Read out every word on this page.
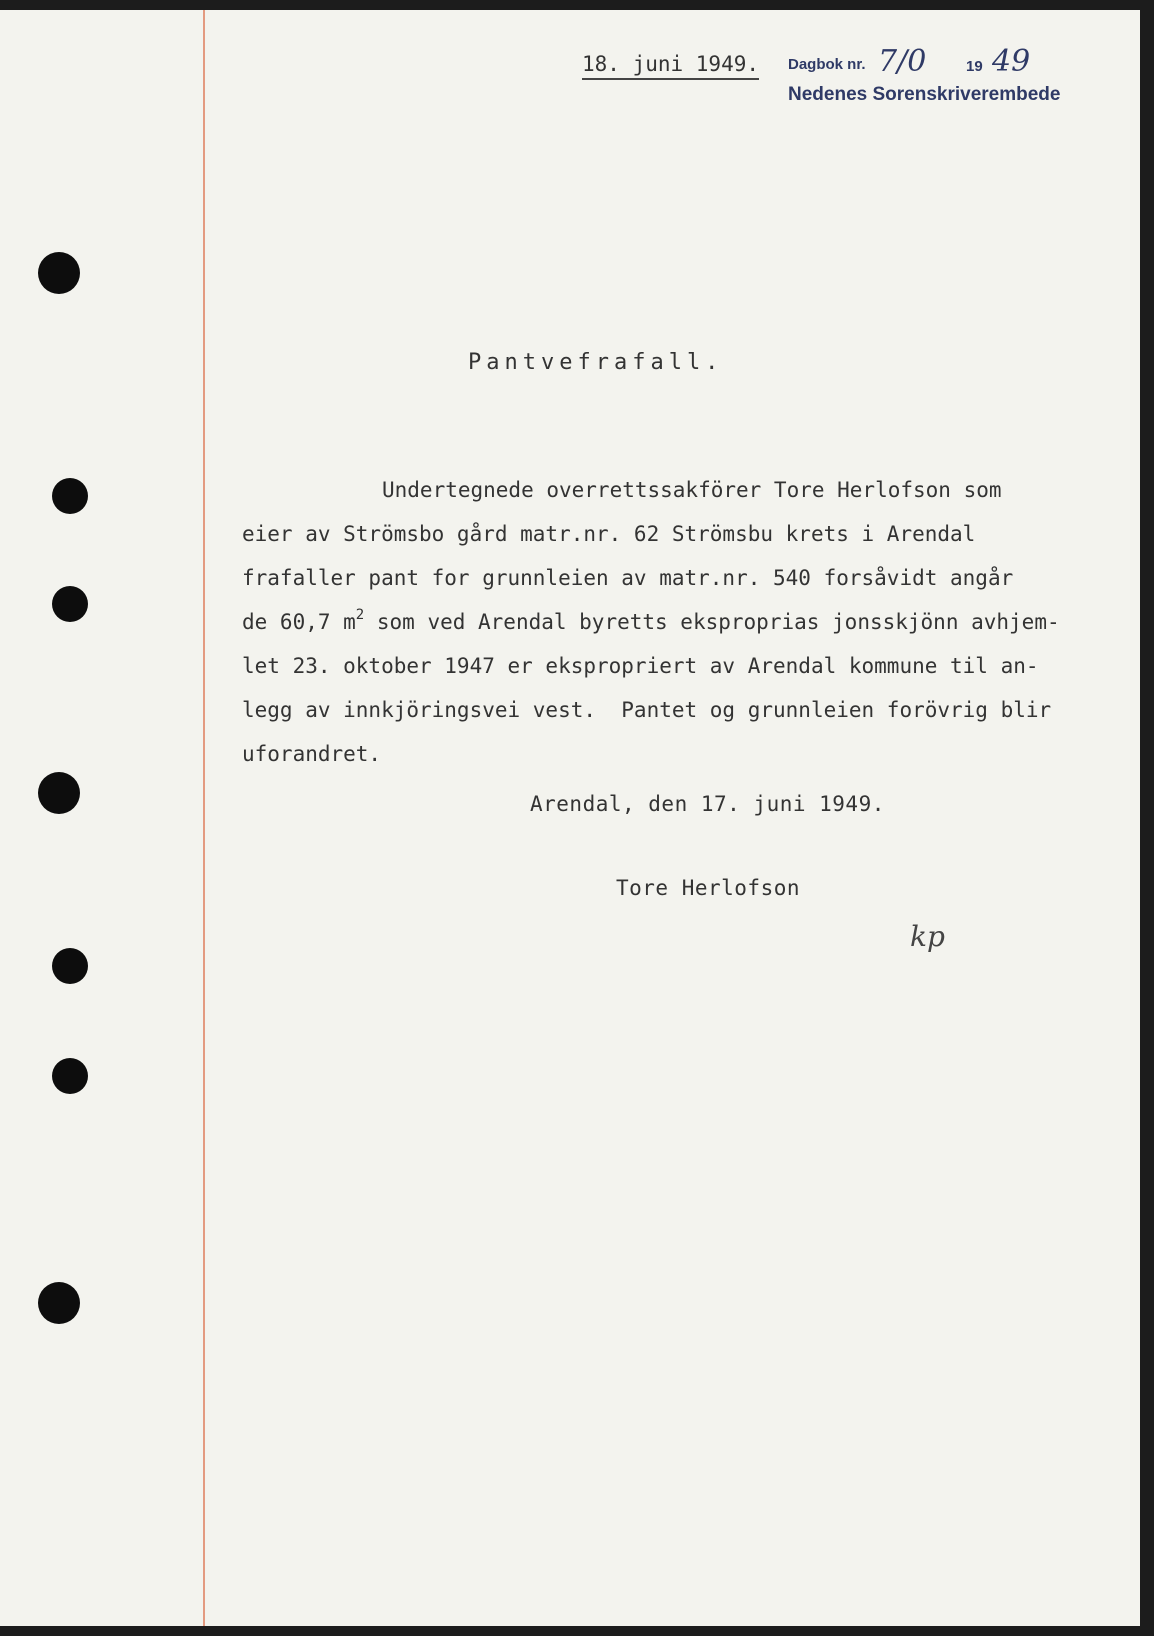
18. juni 1949. Dagbok nr. 7/0	19 49
Nedenes Sorenskriverembede
Pantvefrafall.
Undertegnede overrettssakförer Tore Herlofson som
eier av Strömsbo gård matr.nr. 62 Strömsbu krets i Arendal
frafaller pant for grunnleien av matr.nr. 540 forsåvidt angår
de 60,7 $m^2$ som ved Arendal byretts eksproprias jonsskjönn avhjem-
let 23. oktober 1947 er ekspropriert av Arendal kommune til an-
legg av innkjöringsvei vest.  Pantet og grunnleien forövrig blir
uforandret.
Arendal, den 17. juni 1949.
Tore Herlofson
kp
